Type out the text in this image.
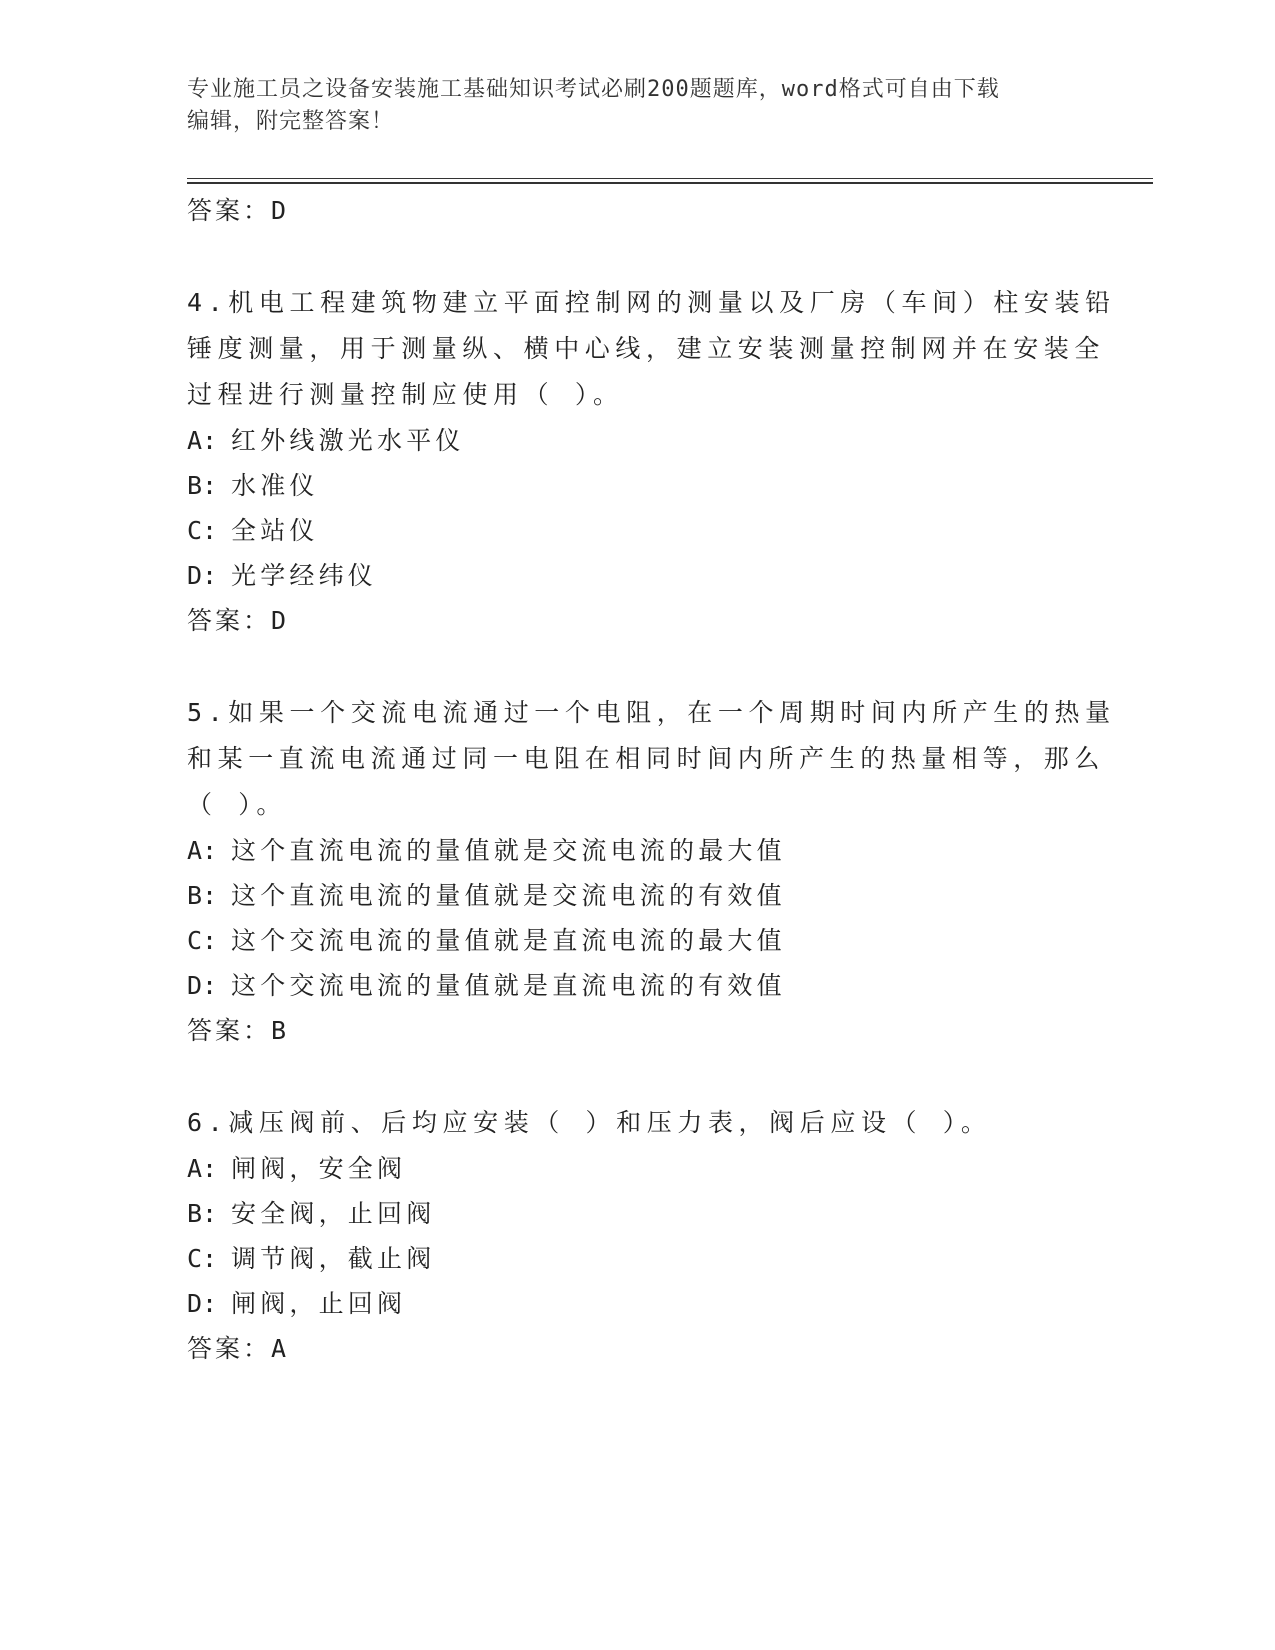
专业施工员之设备安装施工基础知识考试必刷200题题库，word格式可自由下载
编辑，附完整答案！
答案：D
4.机电工程建筑物建立平面控制网的测量以及厂房（车间）柱安装铅
锤度测量，用于测量纵、横中心线，建立安装测量控制网并在安装全
过程进行测量控制应使用（ ）。
A: 红外线激光水平仪
B: 水准仪
C: 全站仪
D: 光学经纬仪
答案：D
5.如果一个交流电流通过一个电阻，在一个周期时间内所产生的热量
和某一直流电流通过同一电阻在相同时间内所产生的热量相等，那么
（ ）。
A: 这个直流电流的量值就是交流电流的最大值
B: 这个直流电流的量值就是交流电流的有效值
C: 这个交流电流的量值就是直流电流的最大值
D: 这个交流电流的量值就是直流电流的有效值
答案：B
6.减压阀前、后均应安装（ ）和压力表，阀后应设（ ）。
A: 闸阀，安全阀
B: 安全阀，止回阀
C: 调节阀，截止阀
D: 闸阀，止回阀
答案：A
